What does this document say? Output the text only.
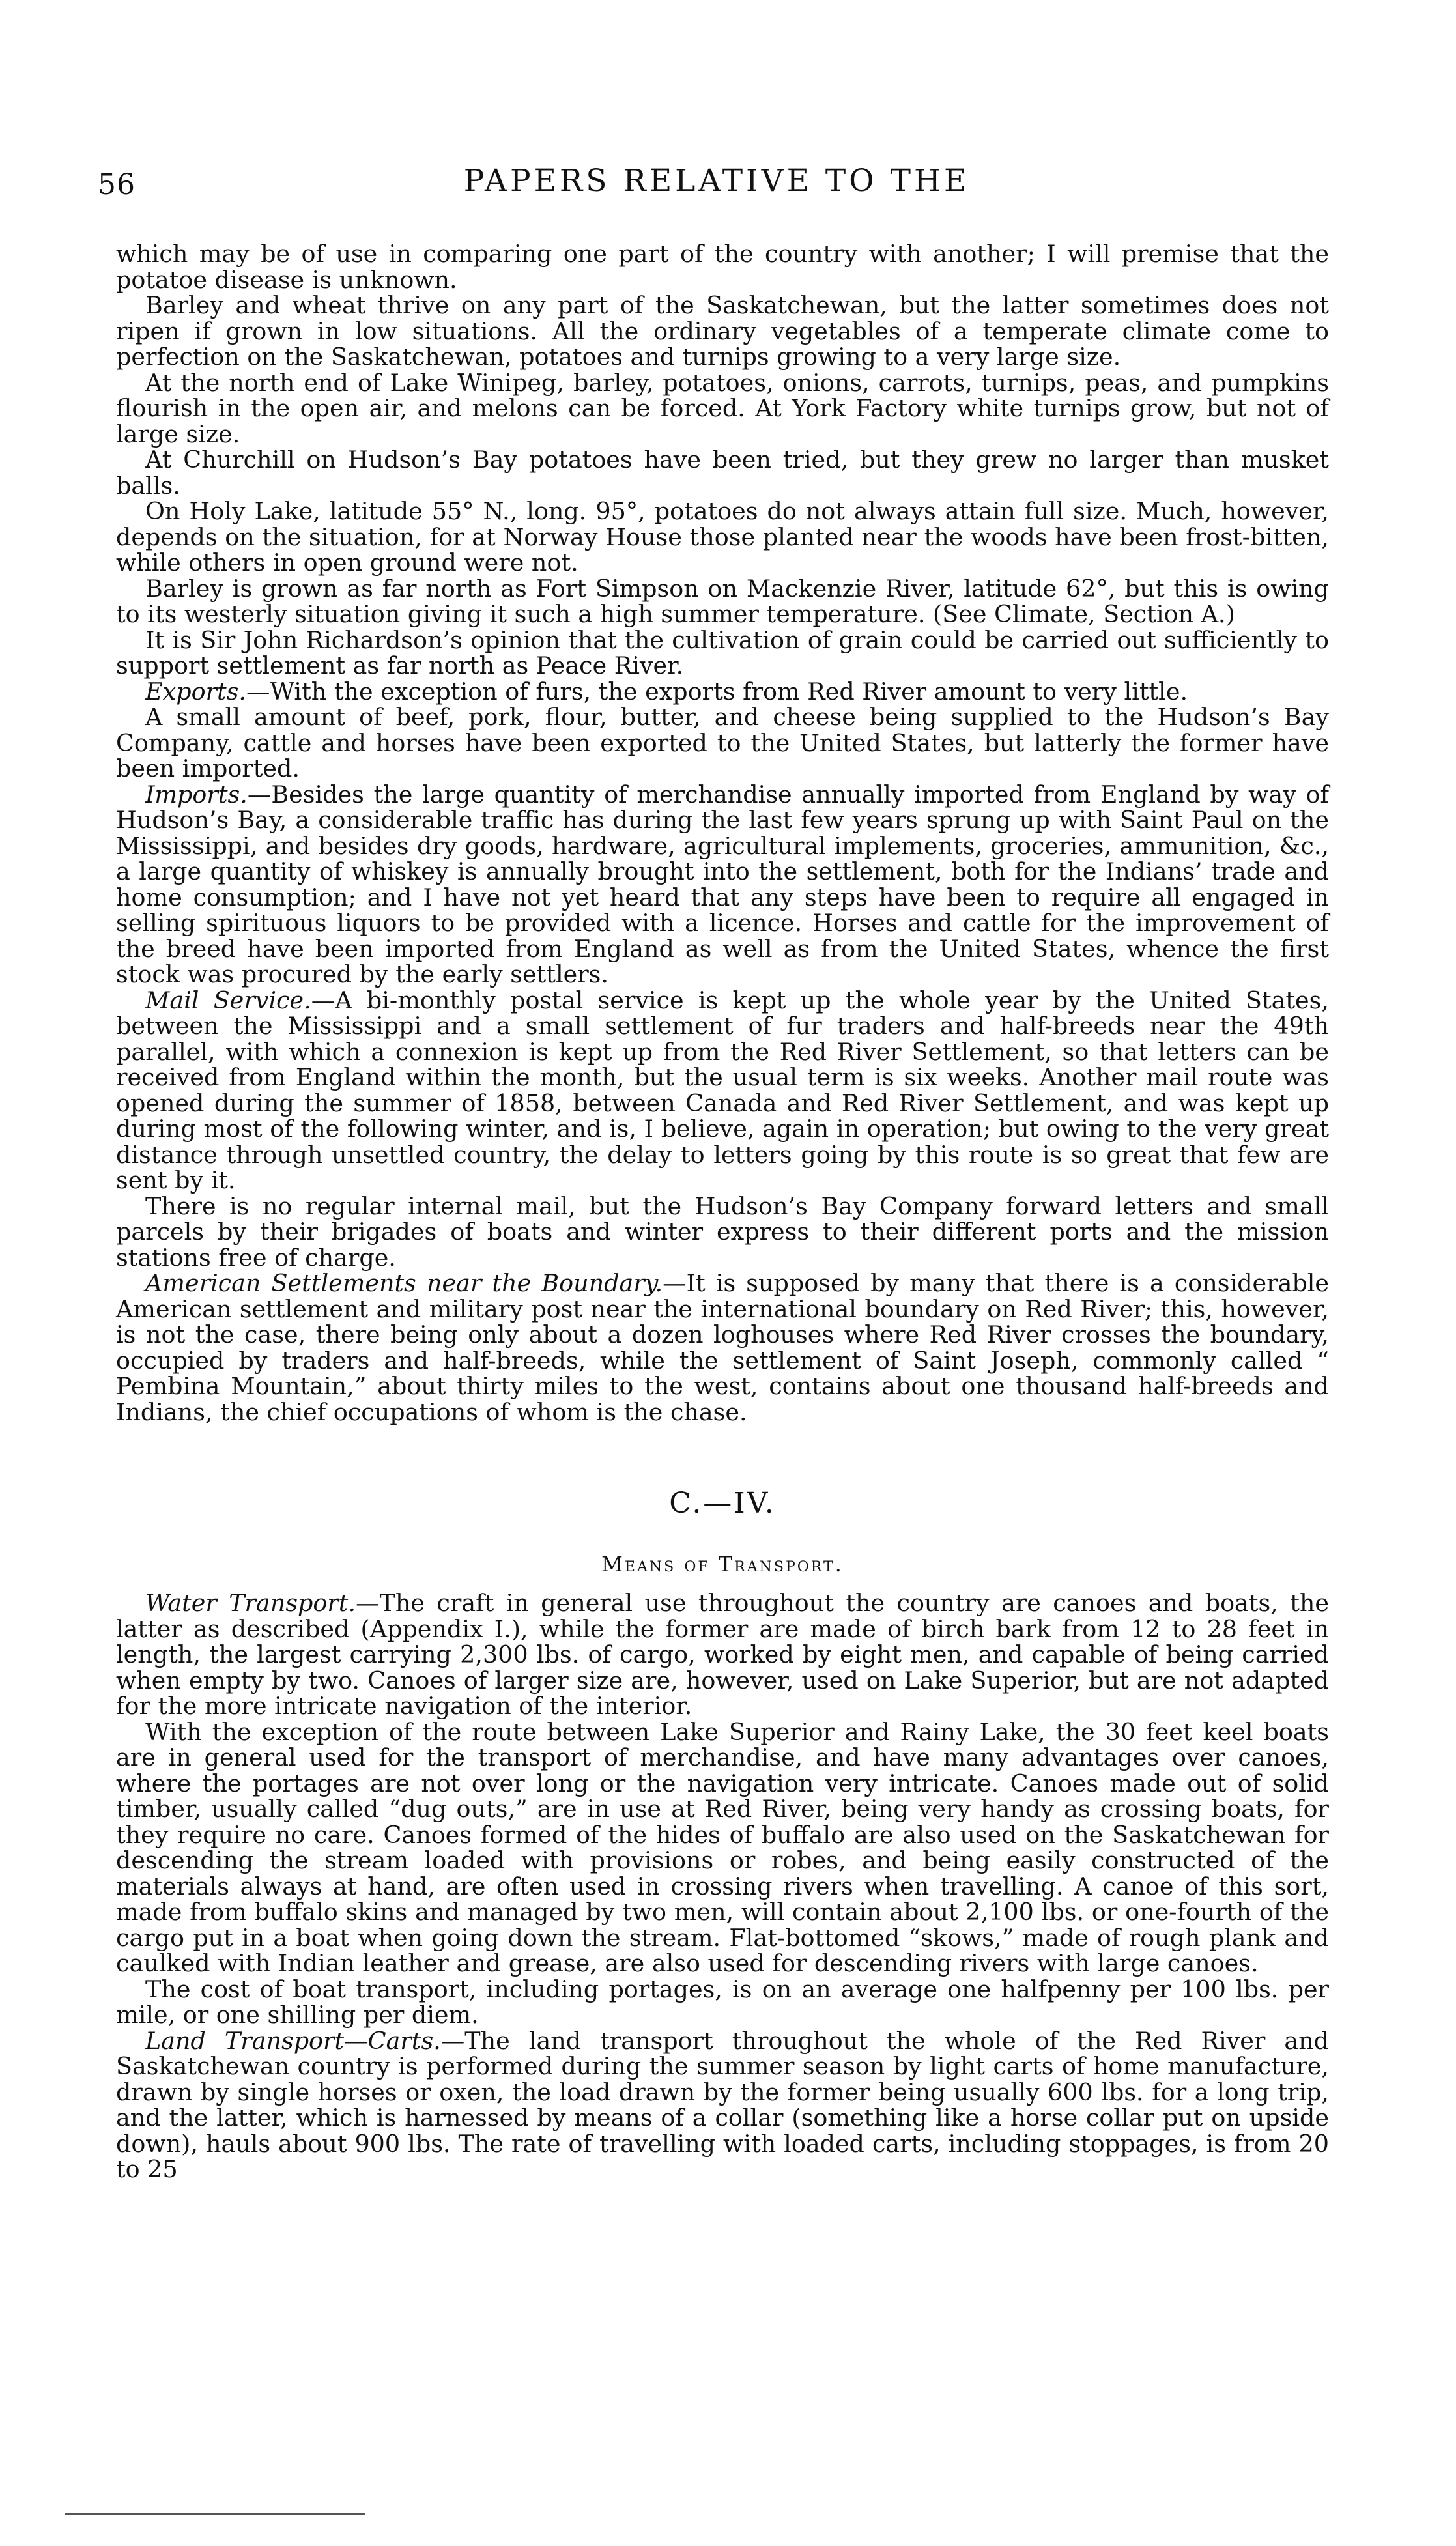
56	PAPERS RELATIVE TO THE

which may be of use in comparing one part of the country with another; I will premise that the potatoe disease is unknown.

Barley and wheat thrive on any part of the Saskatchewan, but the latter sometimes does not ripen if grown in low situations. All the ordinary vegetables of a temperate climate come to perfection on the Saskatchewan, potatoes and turnips growing to a very large size.

At the north end of Lake Winipeg, barley, potatoes, onions, carrots, turnips, peas, and pumpkins flourish in the open air, and melons can be forced. At York Factory white turnips grow, but not of large size.

At Churchill on Hudson’s Bay potatoes have been tried, but they grew no larger than musket balls.

On Holy Lake, latitude 55° N., long. 95°, potatoes do not always attain full size. Much, however, depends on the situation, for at Norway House those planted near the woods have been frost-bitten, while others in open ground were not.

Barley is grown as far north as Fort Simpson on Mackenzie River, latitude 62°, but this is owing to its westerly situation giving it such a high summer temperature. (See Climate, Section A.)

It is Sir John Richardson’s opinion that the cultivation of grain could be carried out sufficiently to support settlement as far north as Peace River.

Exports.—With the exception of furs, the exports from Red River amount to very little.

A small amount of beef, pork, flour, butter, and cheese being supplied to the Hudson’s Bay Company, cattle and horses have been exported to the United States, but latterly the former have been imported.

Imports.—Besides the large quantity of merchandise annually imported from England by way of Hudson’s Bay, a considerable traffic has during the last few years sprung up with Saint Paul on the Mississippi, and besides dry goods, hardware, agricultural implements, groceries, ammunition, &c., a large quantity of whiskey is annually brought into the settlement, both for the Indians’ trade and home consumption; and I have not yet heard that any steps have been to require all engaged in selling spirituous liquors to be provided with a licence. Horses and cattle for the improvement of the breed have been imported from England as well as from the United States, whence the first stock was procured by the early settlers.

Mail Service.—A bi-monthly postal service is kept up the whole year by the United States, between the Mississippi and a small settlement of fur traders and half-breeds near the 49th parallel, with which a connexion is kept up from the Red River Settlement, so that letters can be received from England within the month, but the usual term is six weeks. Another mail route was opened during the summer of 1858, between Canada and Red River Settlement, and was kept up during most of the following winter, and is, I believe, again in operation; but owing to the very great distance through unsettled country, the delay to letters going by this route is so great that few are sent by it.

There is no regular internal mail, but the Hudson’s Bay Company forward letters and small parcels by their brigades of boats and winter express to their different ports and the mission stations free of charge.

American Settlements near the Boundary.—It is supposed by many that there is a considerable American settlement and military post near the international boundary on Red River; this, however, is not the case, there being only about a dozen loghouses where Red River crosses the boundary, occupied by traders and half-breeds, while the settlement of Saint Joseph, commonly called “ Pembina Mountain,” about thirty miles to the west, contains about one thousand half-breeds and Indians, the chief occupations of whom is the chase.

C.—IV.
Means of Transport.

Water Transport.—The craft in general use throughout the country are canoes and boats, the latter as described (Appendix I.), while the former are made of birch bark from 12 to 28 feet in length, the largest carrying 2,300 lbs. of cargo, worked by eight men, and capable of being carried when empty by two. Canoes of larger size are, however, used on Lake Superior, but are not adapted for the more intricate navigation of the interior.

With the exception of the route between Lake Superior and Rainy Lake, the 30 feet keel boats are in general used for the transport of merchandise, and have many advantages over canoes, where the portages are not over long or the navigation very intricate. Canoes made out of solid timber, usually called “dug outs,” are in use at Red River, being very handy as crossing boats, for they require no care. Canoes formed of the hides of buffalo are also used on the Saskatchewan for descending the stream loaded with provisions or robes, and being easily constructed of the materials always at hand, are often used in crossing rivers when travelling. A canoe of this sort, made from buffalo skins and managed by two men, will contain about 2,100 lbs. or one-fourth of the cargo put in a boat when going down the stream. Flat-bottomed “skows,” made of rough plank and caulked with Indian leather and grease, are also used for descending rivers with large canoes.

The cost of boat transport, including portages, is on an average one halfpenny per 100 lbs. per mile, or one shilling per diem.

Land Transport—Carts.—The land transport throughout the whole of the Red River and Saskatchewan country is performed during the summer season by light carts of home manufacture, drawn by single horses or oxen, the load drawn by the former being usually 600 lbs. for a long trip, and the latter, which is harnessed by means of a collar (something like a horse collar put on upside down), hauls about 900 lbs. The rate of travelling with loaded carts, including stoppages, is from 20 to 25
